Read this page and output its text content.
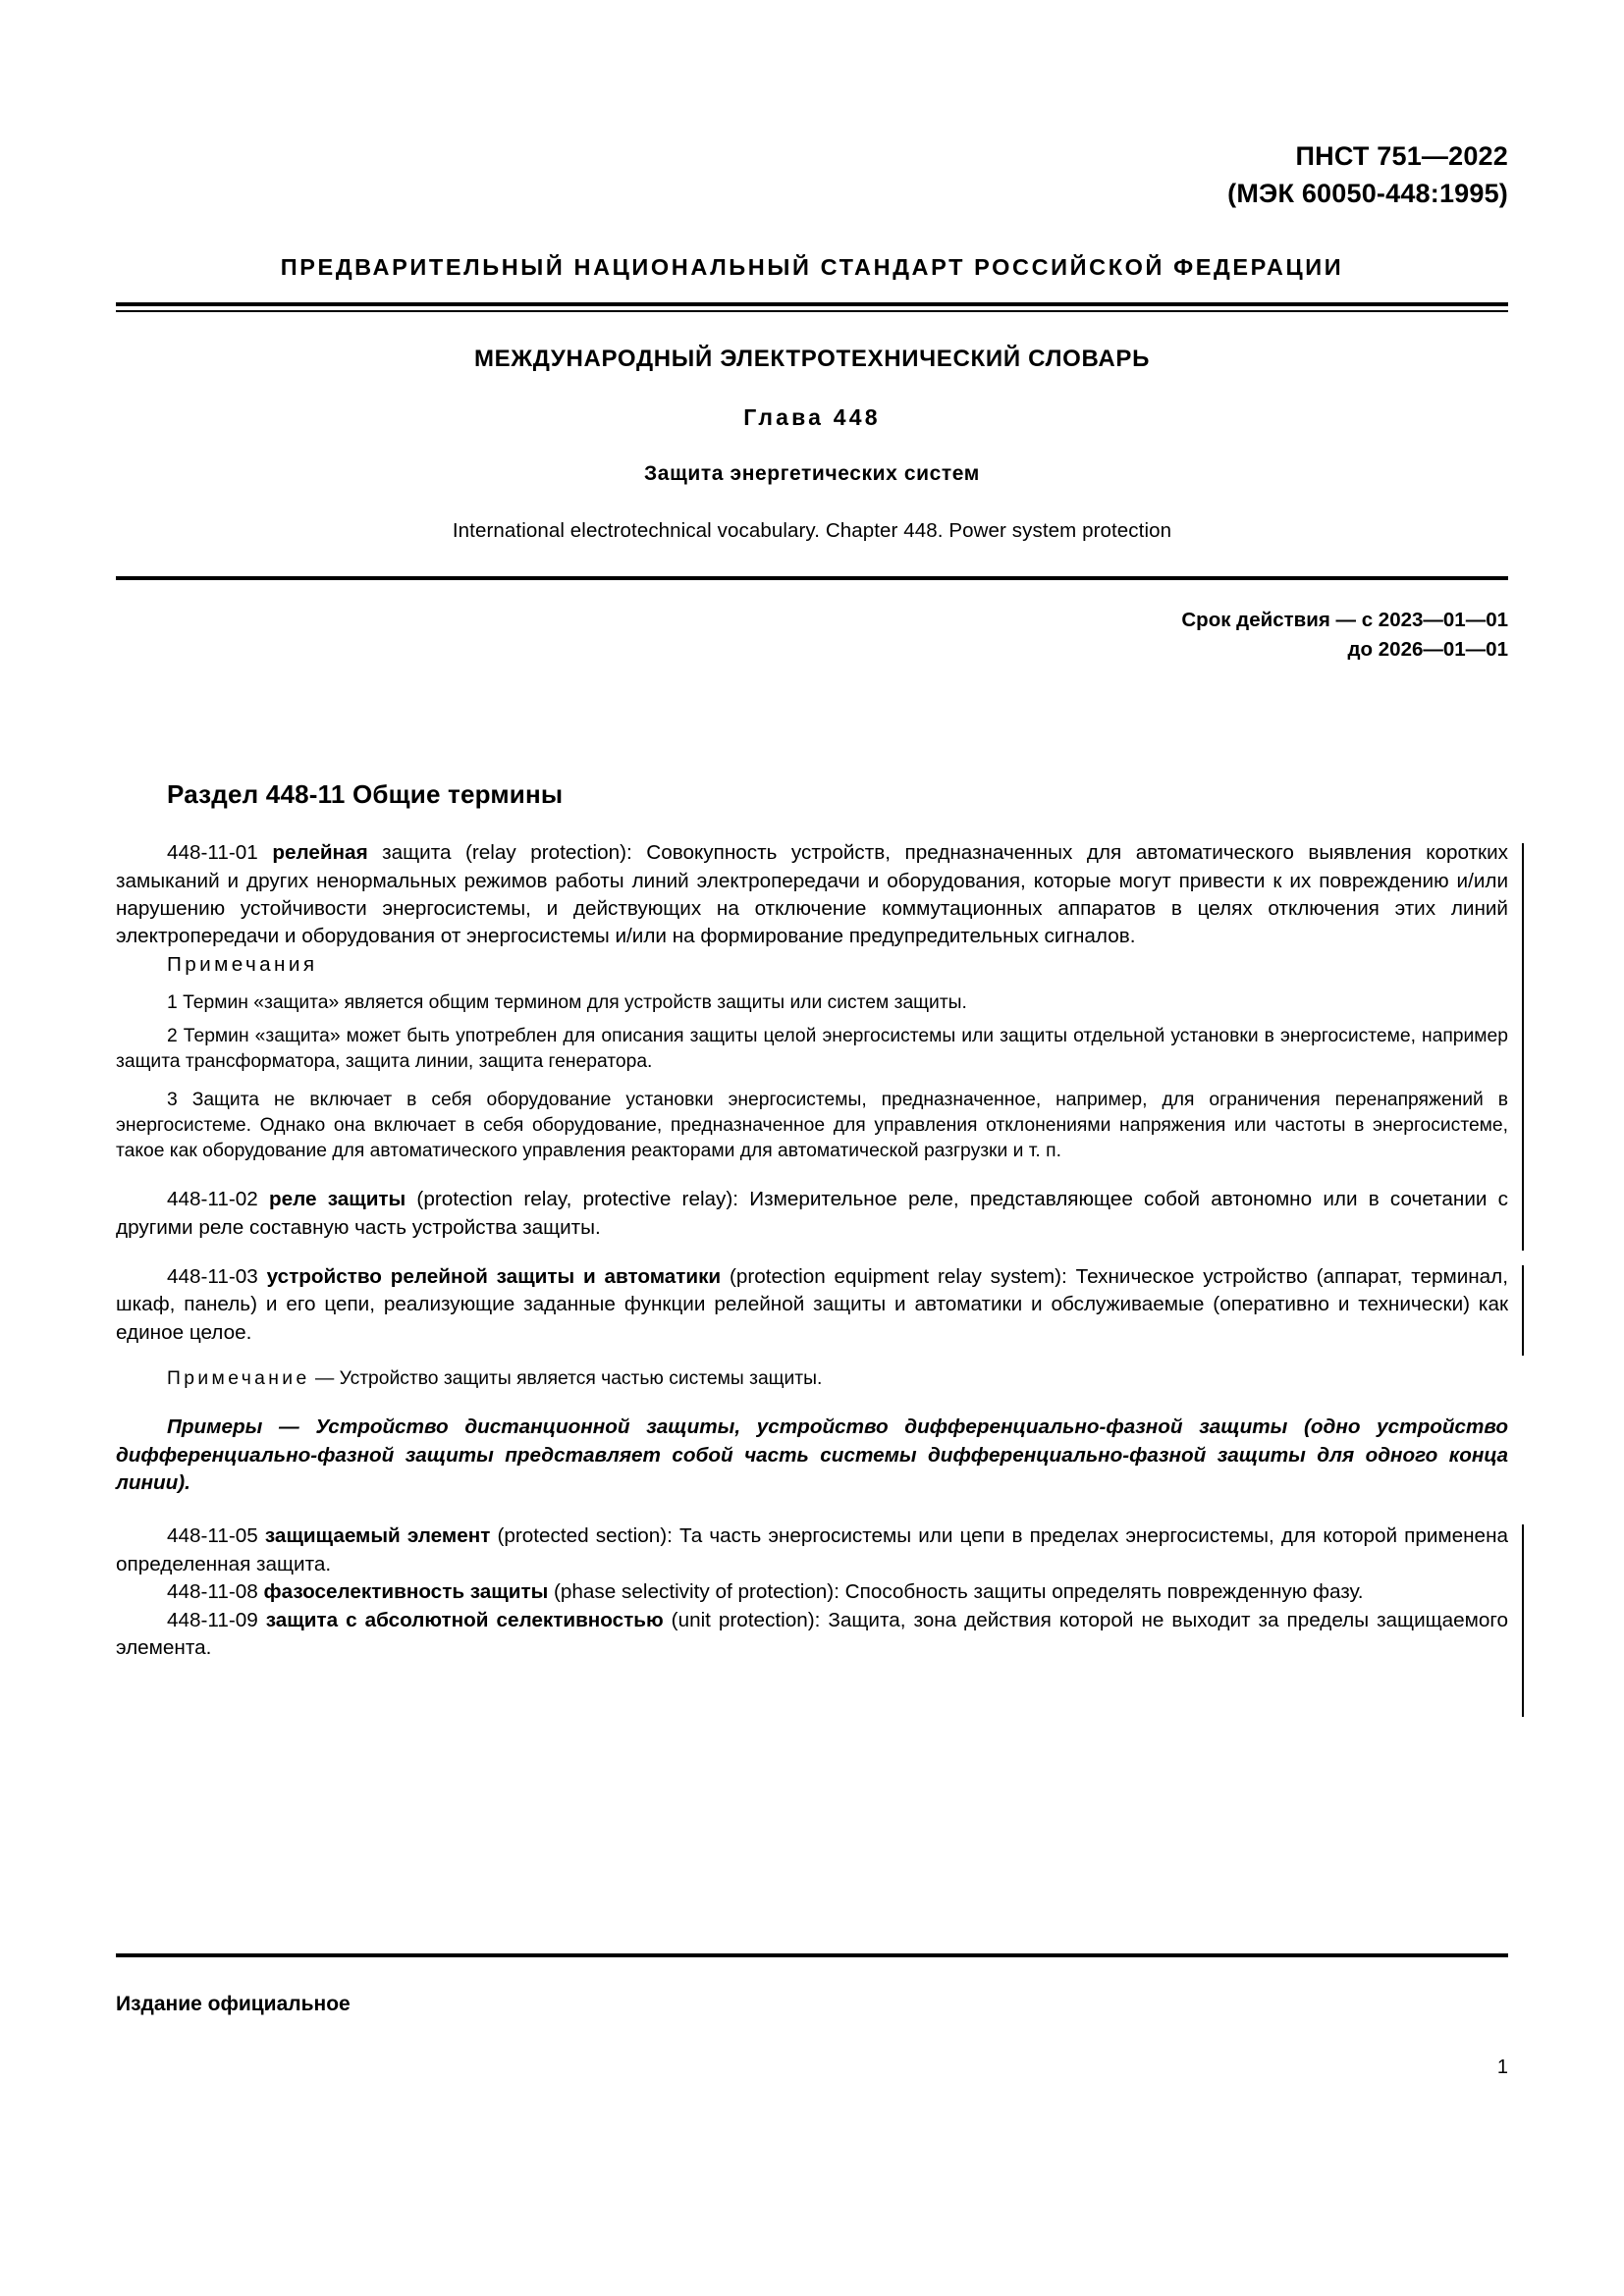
ПНСТ 751—2022
(МЭК 60050-448:1995)
ПРЕДВАРИТЕЛЬНЫЙ НАЦИОНАЛЬНЫЙ СТАНДАРТ РОССИЙСКОЙ ФЕДЕРАЦИИ
МЕЖДУНАРОДНЫЙ ЭЛЕКТРОТЕХНИЧЕСКИЙ СЛОВАРЬ
Глава 448
Защита энергетических систем
International electrotechnical vocabulary. Chapter 448. Power system protection
Срок действия — с 2023—01—01
до 2026—01—01
Раздел 448-11 Общие термины

448-11-01 релейная защита (relay protection): Совокупность устройств, предназначенных для автоматического выявления коротких замыканий и других ненормальных режимов работы линий электропередачи и оборудования, которые могут привести к их повреждению и/или нарушению устойчивости энергосистемы, и действующих на отключение коммутационных аппаратов в целях отключения этих линий электропередачи и оборудования от энергосистемы и/или на формирование предупредительных сигналов.

Примечания

1 Термин «защита» является общим термином для устройств защиты или систем защиты.

2 Термин «защита» может быть употреблен для описания защиты целой энергосистемы или защиты отдельной установки в энергосистеме, например защита трансформатора, защита линии, защита генератора.

3 Защита не включает в себя оборудование установки энергосистемы, предназначенное, например, для ограничения перенапряжений в энергосистеме. Однако она включает в себя оборудование, предназначенное для управления отклонениями напряжения или частоты в энергосистеме, такое как оборудование для автоматического управления реакторами для автоматической разгрузки и т. п.

448-11-02 реле защиты (protection relay, protective relay): Измерительное реле, представляющее собой автономно или в сочетании с другими реле составную часть устройства защиты.

448-11-03 устройство релейной защиты и автоматики (protection equipment relay system): Техническое устройство (аппарат, терминал, шкаф, панель) и его цепи, реализующие заданные функции релейной защиты и автоматики и обслуживаемые (оперативно и технически) как единое целое.

Примечание — Устройство защиты является частью системы защиты.

Примеры — Устройство дистанционной защиты, устройство дифференциально-фазной защиты (одно устройство дифференциально-фазной защиты представляет собой часть системы дифференциально-фазной защиты для одного конца линии).

448-11-05 защищаемый элемент (protected section): Та часть энергосистемы или цепи в пределах энергосистемы, для которой применена определенная защита.

448-11-08 фазоселективность защиты (phase selectivity of protection): Способность защиты определять поврежденную фазу.

448-11-09 защита с абсолютной селективностью (unit protection): Защита, зона действия которой не выходит за пределы защищаемого элемента.

Издание официальное
1
